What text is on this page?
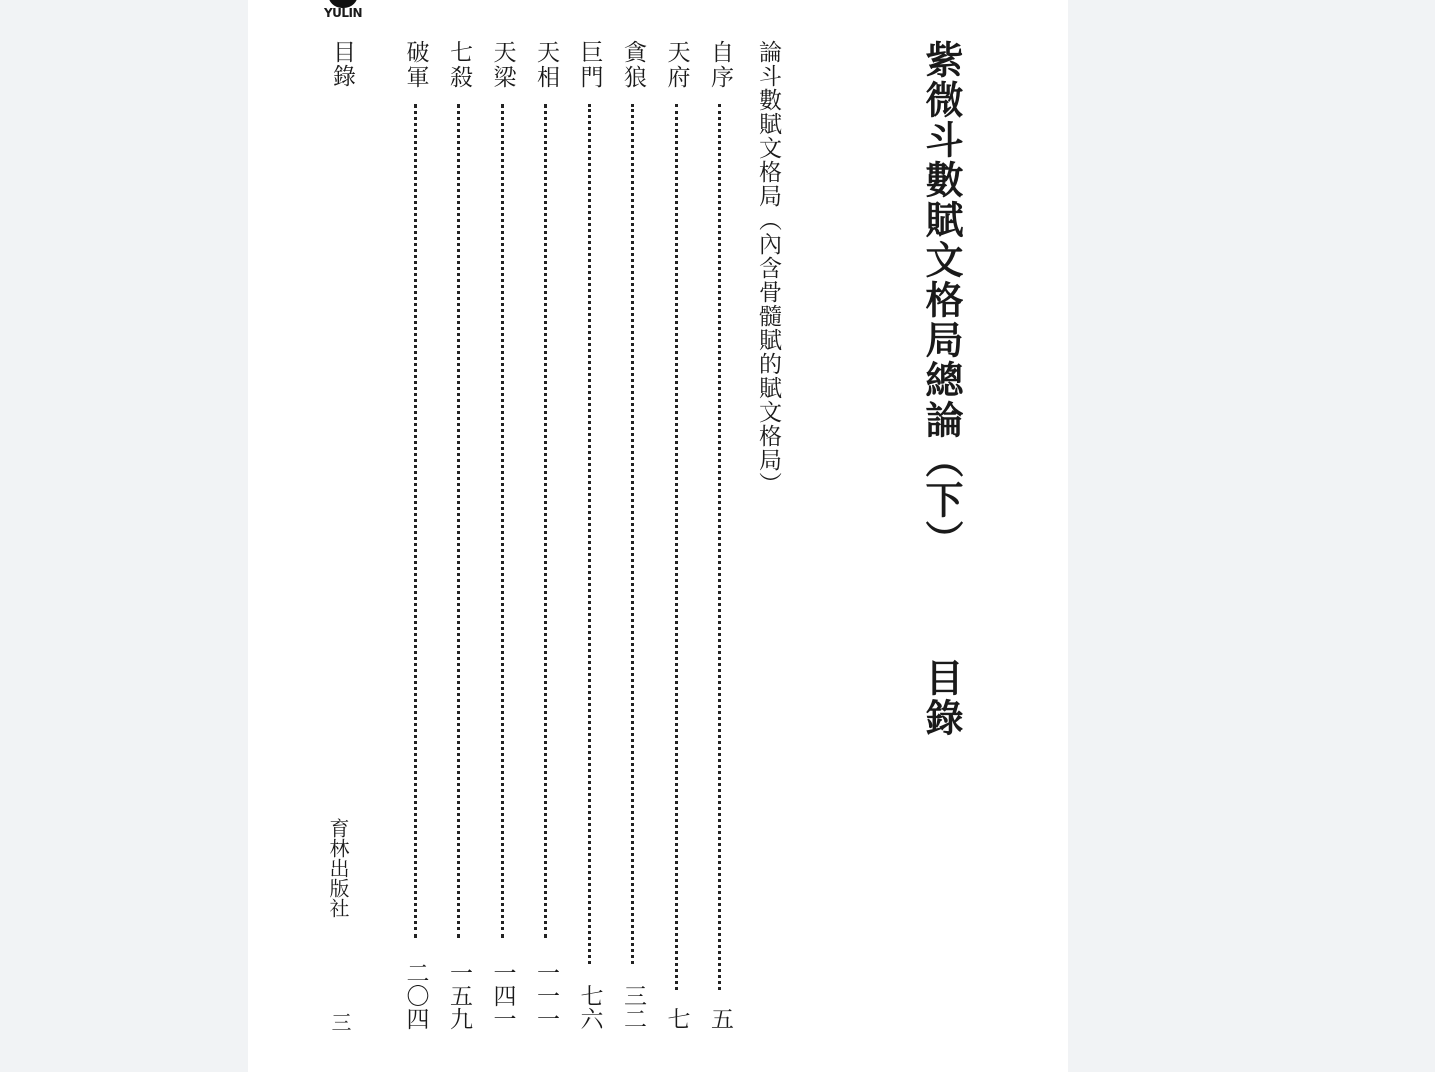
紫微斗數賦文格局總論（下）
目錄
論斗數賦文格局（內含骨髓賦的賦文格局）
自序
五
天府
七
貪狼
三二
巨門
七六
天相
一一一
天梁
一四一
七殺
一五九
破軍
二〇四
YULIN
目錄
育林出版社
三
